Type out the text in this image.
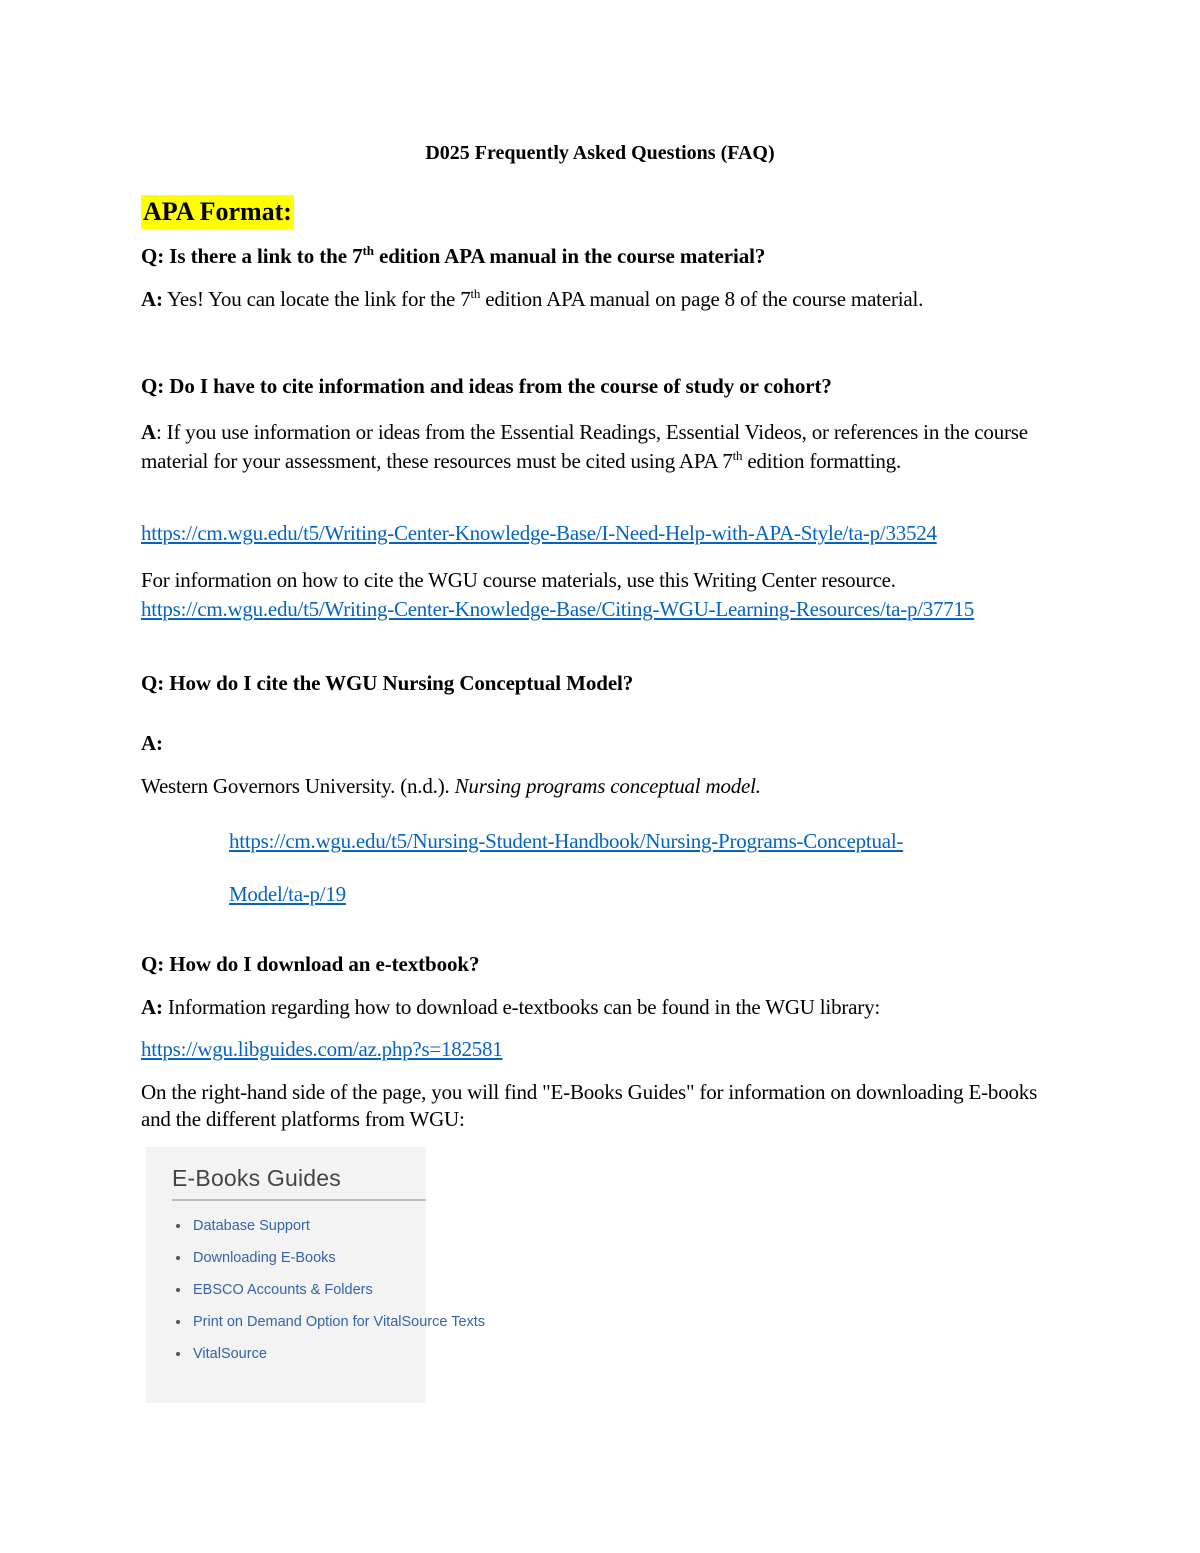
D025 Frequently Asked Questions (FAQ)
APA Format:
Q: Is there a link to the 7th edition APA manual in the course material?
A: Yes! You can locate the link for the 7th edition APA manual on page 8 of the course material.
Q: Do I have to cite information and ideas from the course of study or cohort?
A: If you use information or ideas from the Essential Readings, Essential Videos, or references in the course material for your assessment, these resources must be cited using APA 7th edition formatting.
https://cm.wgu.edu/t5/Writing-Center-Knowledge-Base/I-Need-Help-with-APA-Style/ta-p/33524
For information on how to cite the WGU course materials, use this Writing Center resource.
https://cm.wgu.edu/t5/Writing-Center-Knowledge-Base/Citing-WGU-Learning-Resources/ta-p/37715
Q: How do I cite the WGU Nursing Conceptual Model?
A:
Western Governors University. (n.d.). Nursing programs conceptual model.
https://cm.wgu.edu/t5/Nursing-Student-Handbook/Nursing-Programs-Conceptual-
Model/ta-p/19
Q: How do I download an e-textbook?
A: Information regarding how to download e-textbooks can be found in the WGU library:
https://wgu.libguides.com/az.php?s=182581
On the right-hand side of the page, you will find "E-Books Guides" for information on downloading E-books and the different platforms from WGU:
E-Books Guides
Database Support
Downloading E-Books
EBSCO Accounts & Folders
Print on Demand Option for VitalSource Texts
VitalSource
